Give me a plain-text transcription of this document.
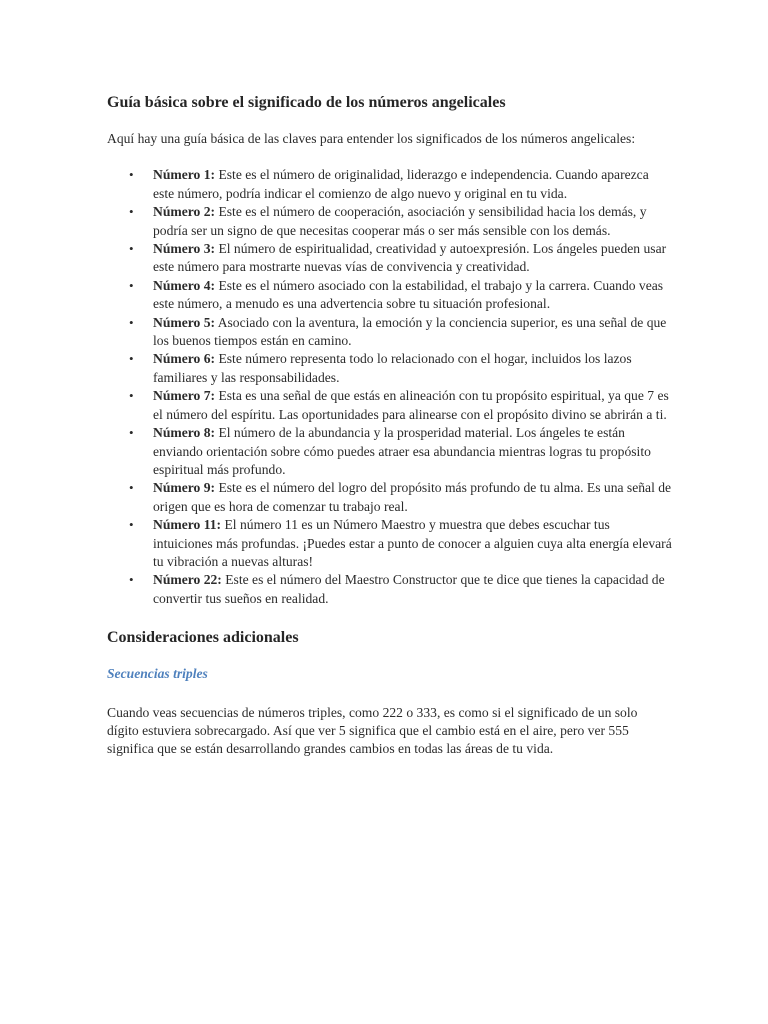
Guía básica sobre el significado de los números angelicales
Aquí hay una guía básica de las claves para entender los significados de los números angelicales:
• Número 1: Este es el número de originalidad, liderazgo e independencia. Cuando aparezca este número, podría indicar el comienzo de algo nuevo y original en tu vida.
• Número 2: Este es el número de cooperación, asociación y sensibilidad hacia los demás, y podría ser un signo de que necesitas cooperar más o ser más sensible con los demás.
• Número 3: El número de espiritualidad, creatividad y autoexpresión. Los ángeles pueden usar este número para mostrarte nuevas vías de convivencia y creatividad.
• Número 4: Este es el número asociado con la estabilidad, el trabajo y la carrera. Cuando veas este número, a menudo es una advertencia sobre tu situación profesional.
• Número 5: Asociado con la aventura, la emoción y la conciencia superior, es una señal de que los buenos tiempos están en camino.
• Número 6: Este número representa todo lo relacionado con el hogar, incluidos los lazos familiares y las responsabilidades.
• Número 7: Esta es una señal de que estás en alineación con tu propósito espiritual, ya que 7 es el número del espíritu. Las oportunidades para alinearse con el propósito divino se abrirán a ti.
• Número 8: El número de la abundancia y la prosperidad material. Los ángeles te están enviando orientación sobre cómo puedes atraer esa abundancia mientras logras tu propósito espiritual más profundo.
• Número 9: Este es el número del logro del propósito más profundo de tu alma. Es una señal de origen que es hora de comenzar tu trabajo real.
• Número 11: El número 11 es un Número Maestro y muestra que debes escuchar tus intuiciones más profundas. ¡Puedes estar a punto de conocer a alguien cuya alta energía elevará tu vibración a nuevas alturas!
• Número 22: Este es el número del Maestro Constructor que te dice que tienes la capacidad de convertir tus sueños en realidad.
Consideraciones adicionales
Secuencias triples
Cuando veas secuencias de números triples, como 222 o 333, es como si el significado de un solo dígito estuviera sobrecargado. Así que ver 5 significa que el cambio está en el aire, pero ver 555 significa que se están desarrollando grandes cambios en todas las áreas de tu vida.
